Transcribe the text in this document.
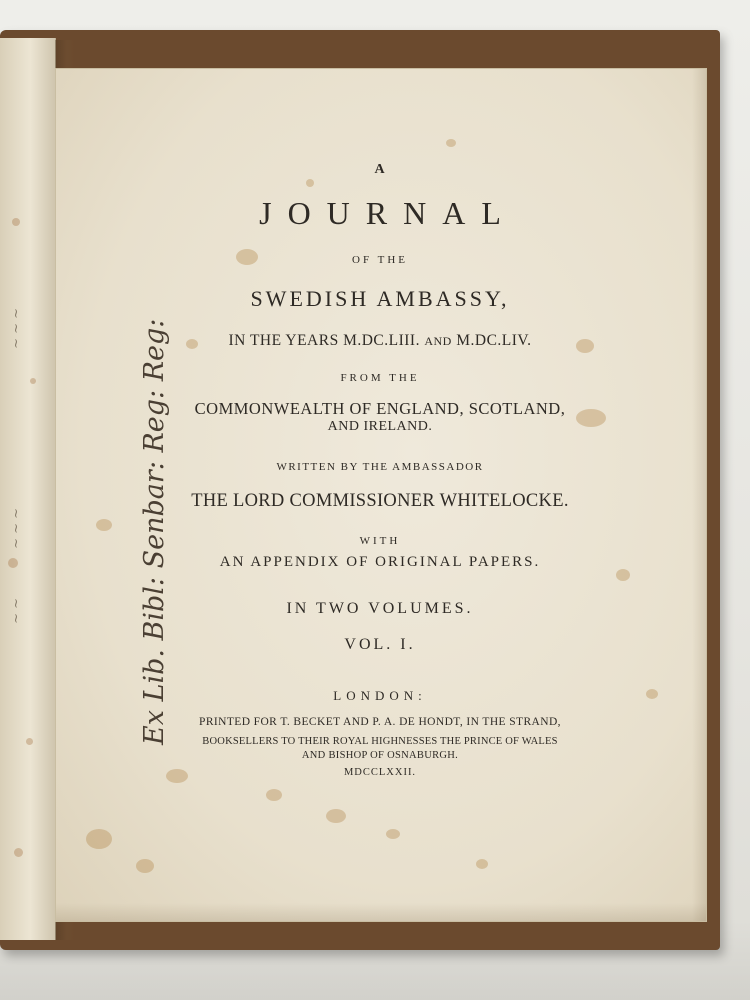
~ ~ ~
~ ~ ~
~ ~
A
JOURNAL
OF THE
SWEDISH AMBASSY,
IN THE YEARS M.DC.LIII. AND M.DC.LIV.
FROM THE
COMMONWEALTH OF ENGLAND, SCOTLAND,
AND IRELAND.
WRITTEN BY THE AMBASSADOR
THE LORD COMMISSIONER WHITELOCKE.
WITH
AN APPENDIX OF ORIGINAL PAPERS.
IN TWO VOLUMES.
VOL. I.
LONDON:
PRINTED FOR T. BECKET AND P. A. DE HONDT, IN THE STRAND,
BOOKSELLERS TO THEIR ROYAL HIGHNESSES THE PRINCE OF WALES
AND BISHOP OF OSNABURGH.
MDCCLXXII.
Ex Lib. Bibl: Senbar: Reg: Reg:
